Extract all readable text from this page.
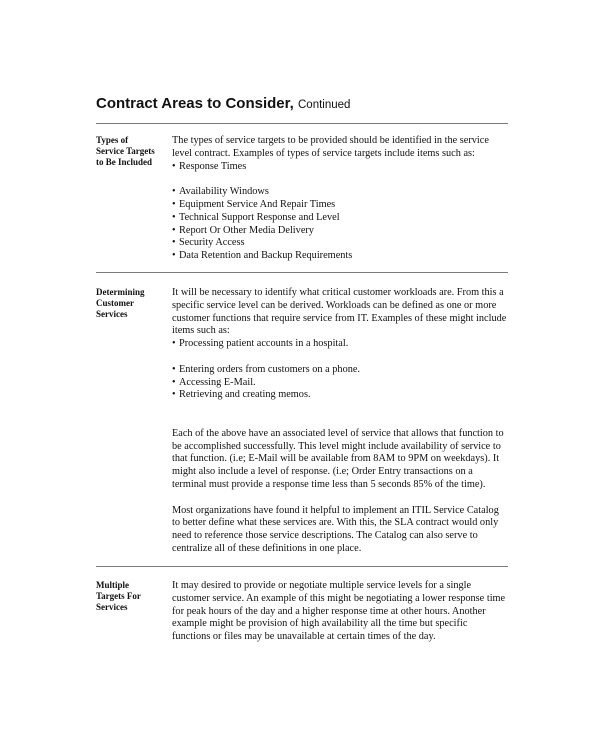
Contract Areas to Consider, Continued
Types of
Service Targets
to Be Included

The types of service targets to be provided should be identified in the service level contract. Examples of types of service targets include items such as:

• Response Times
• Availability Windows
• Equipment Service And Repair Times
• Technical Support Response and Level
• Report Or Other Media Delivery
• Security Access
• Data Retention and Backup Requirements
Determining
Customer
Services

It will be necessary to identify what critical customer workloads are. From this a specific service level can be derived. Workloads can be defined as one or more customer functions that require service from IT. Examples of these might include items such as:

• Processing patient accounts in a hospital.
• Entering orders from customers on a phone.
• Accessing E-Mail.
• Retrieving and creating memos.

Each of the above have an associated level of service that allows that function to be accomplished successfully. This level might include availability of service to that function. (i.e; E-Mail will be available from 8AM to 9PM on weekdays). It might also include a level of response. (i.e; Order Entry transactions on a terminal must provide a response time less than 5 seconds 85% of the time).

Most organizations have found it helpful to implement an ITIL Service Catalog to better define what these services are. With this, the SLA contract would only need to reference those service descriptions. The Catalog can also serve to centralize all of these definitions in one place.

Multiple
Targets For
Services

It may desired to provide or negotiate multiple service levels for a single customer service. An example of this might be negotiating a lower response time for peak hours of the day and a higher response time at other hours. Another example might be provision of high availability all the time but specific functions or files may be unavailable at certain times of the day.
